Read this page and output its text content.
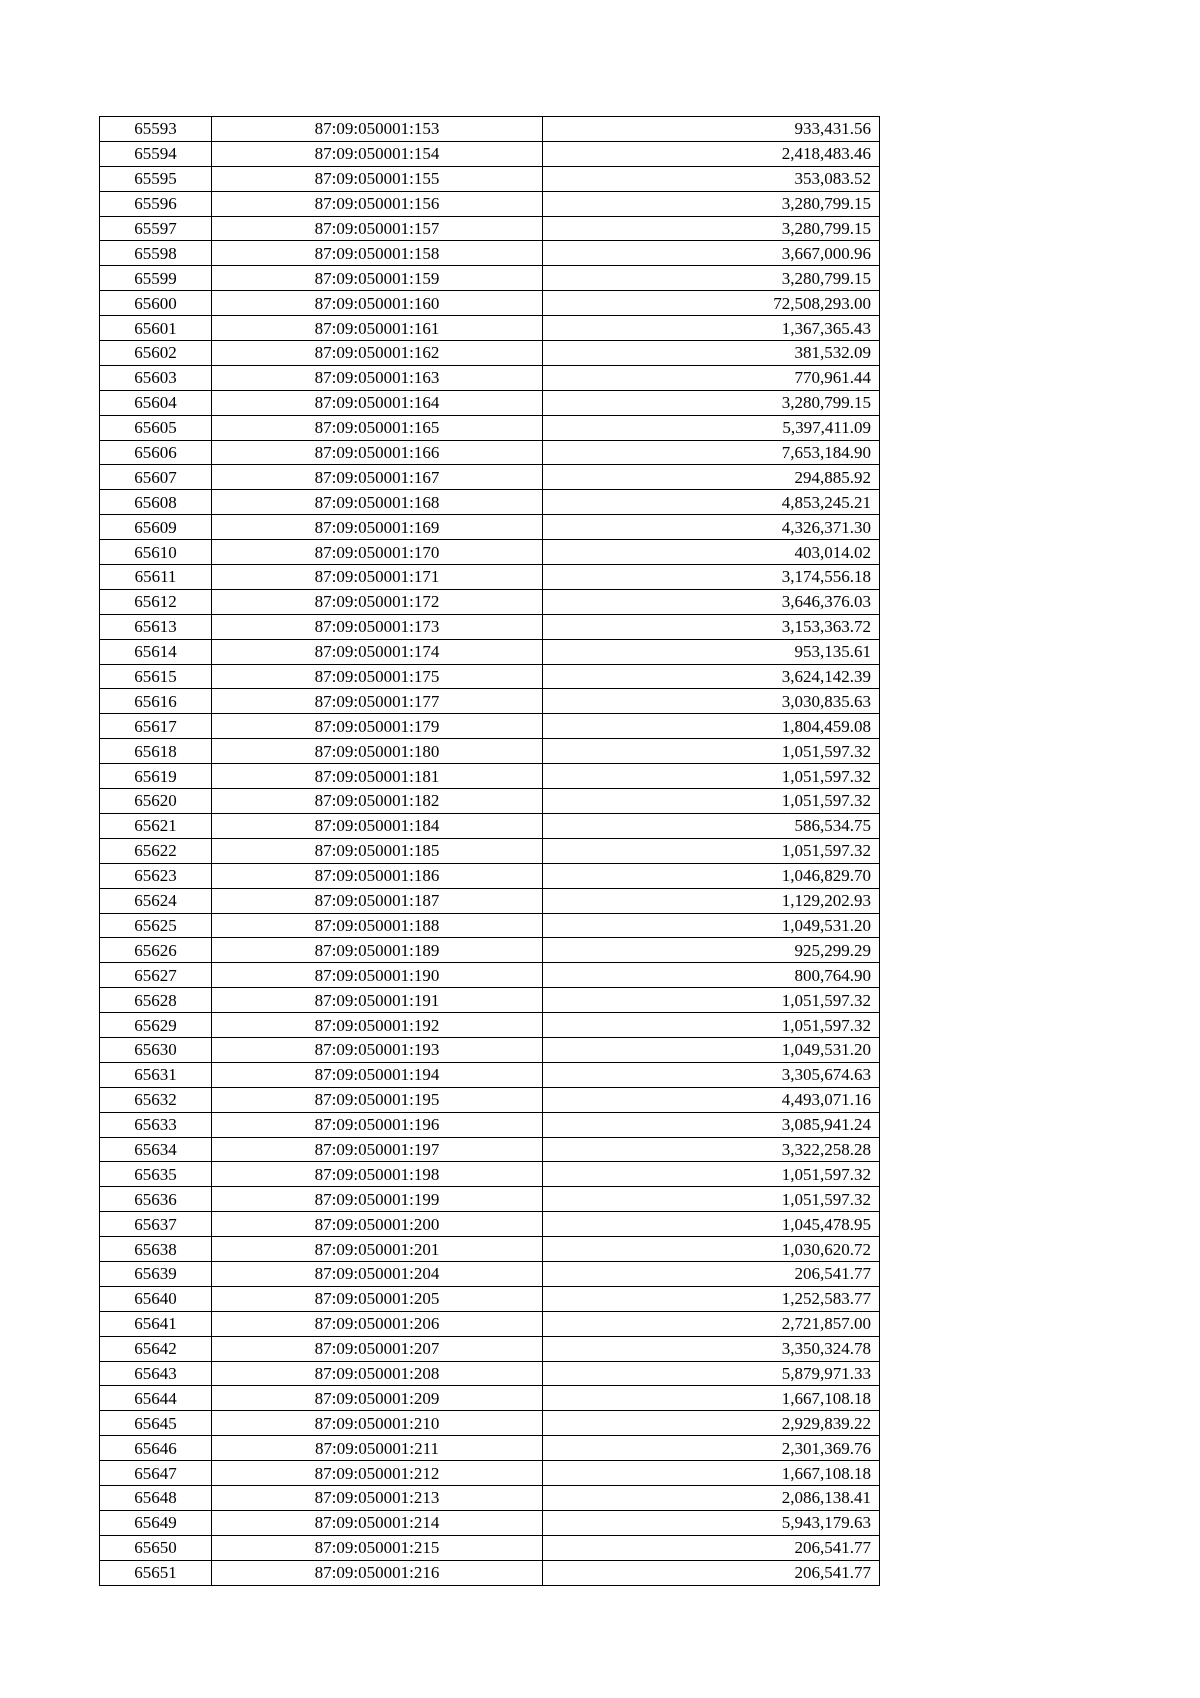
65593	87:09:050001:153	933,431.56
65594	87:09:050001:154	2,418,483.46
65595	87:09:050001:155	353,083.52
65596	87:09:050001:156	3,280,799.15
65597	87:09:050001:157	3,280,799.15
65598	87:09:050001:158	3,667,000.96
65599	87:09:050001:159	3,280,799.15
65600	87:09:050001:160	72,508,293.00
65601	87:09:050001:161	1,367,365.43
65602	87:09:050001:162	381,532.09
65603	87:09:050001:163	770,961.44
65604	87:09:050001:164	3,280,799.15
65605	87:09:050001:165	5,397,411.09
65606	87:09:050001:166	7,653,184.90
65607	87:09:050001:167	294,885.92
65608	87:09:050001:168	4,853,245.21
65609	87:09:050001:169	4,326,371.30
65610	87:09:050001:170	403,014.02
65611	87:09:050001:171	3,174,556.18
65612	87:09:050001:172	3,646,376.03
65613	87:09:050001:173	3,153,363.72
65614	87:09:050001:174	953,135.61
65615	87:09:050001:175	3,624,142.39
65616	87:09:050001:177	3,030,835.63
65617	87:09:050001:179	1,804,459.08
65618	87:09:050001:180	1,051,597.32
65619	87:09:050001:181	1,051,597.32
65620	87:09:050001:182	1,051,597.32
65621	87:09:050001:184	586,534.75
65622	87:09:050001:185	1,051,597.32
65623	87:09:050001:186	1,046,829.70
65624	87:09:050001:187	1,129,202.93
65625	87:09:050001:188	1,049,531.20
65626	87:09:050001:189	925,299.29
65627	87:09:050001:190	800,764.90
65628	87:09:050001:191	1,051,597.32
65629	87:09:050001:192	1,051,597.32
65630	87:09:050001:193	1,049,531.20
65631	87:09:050001:194	3,305,674.63
65632	87:09:050001:195	4,493,071.16
65633	87:09:050001:196	3,085,941.24
65634	87:09:050001:197	3,322,258.28
65635	87:09:050001:198	1,051,597.32
65636	87:09:050001:199	1,051,597.32
65637	87:09:050001:200	1,045,478.95
65638	87:09:050001:201	1,030,620.72
65639	87:09:050001:204	206,541.77
65640	87:09:050001:205	1,252,583.77
65641	87:09:050001:206	2,721,857.00
65642	87:09:050001:207	3,350,324.78
65643	87:09:050001:208	5,879,971.33
65644	87:09:050001:209	1,667,108.18
65645	87:09:050001:210	2,929,839.22
65646	87:09:050001:211	2,301,369.76
65647	87:09:050001:212	1,667,108.18
65648	87:09:050001:213	2,086,138.41
65649	87:09:050001:214	5,943,179.63
65650	87:09:050001:215	206,541.77
65651	87:09:050001:216	206,541.77
